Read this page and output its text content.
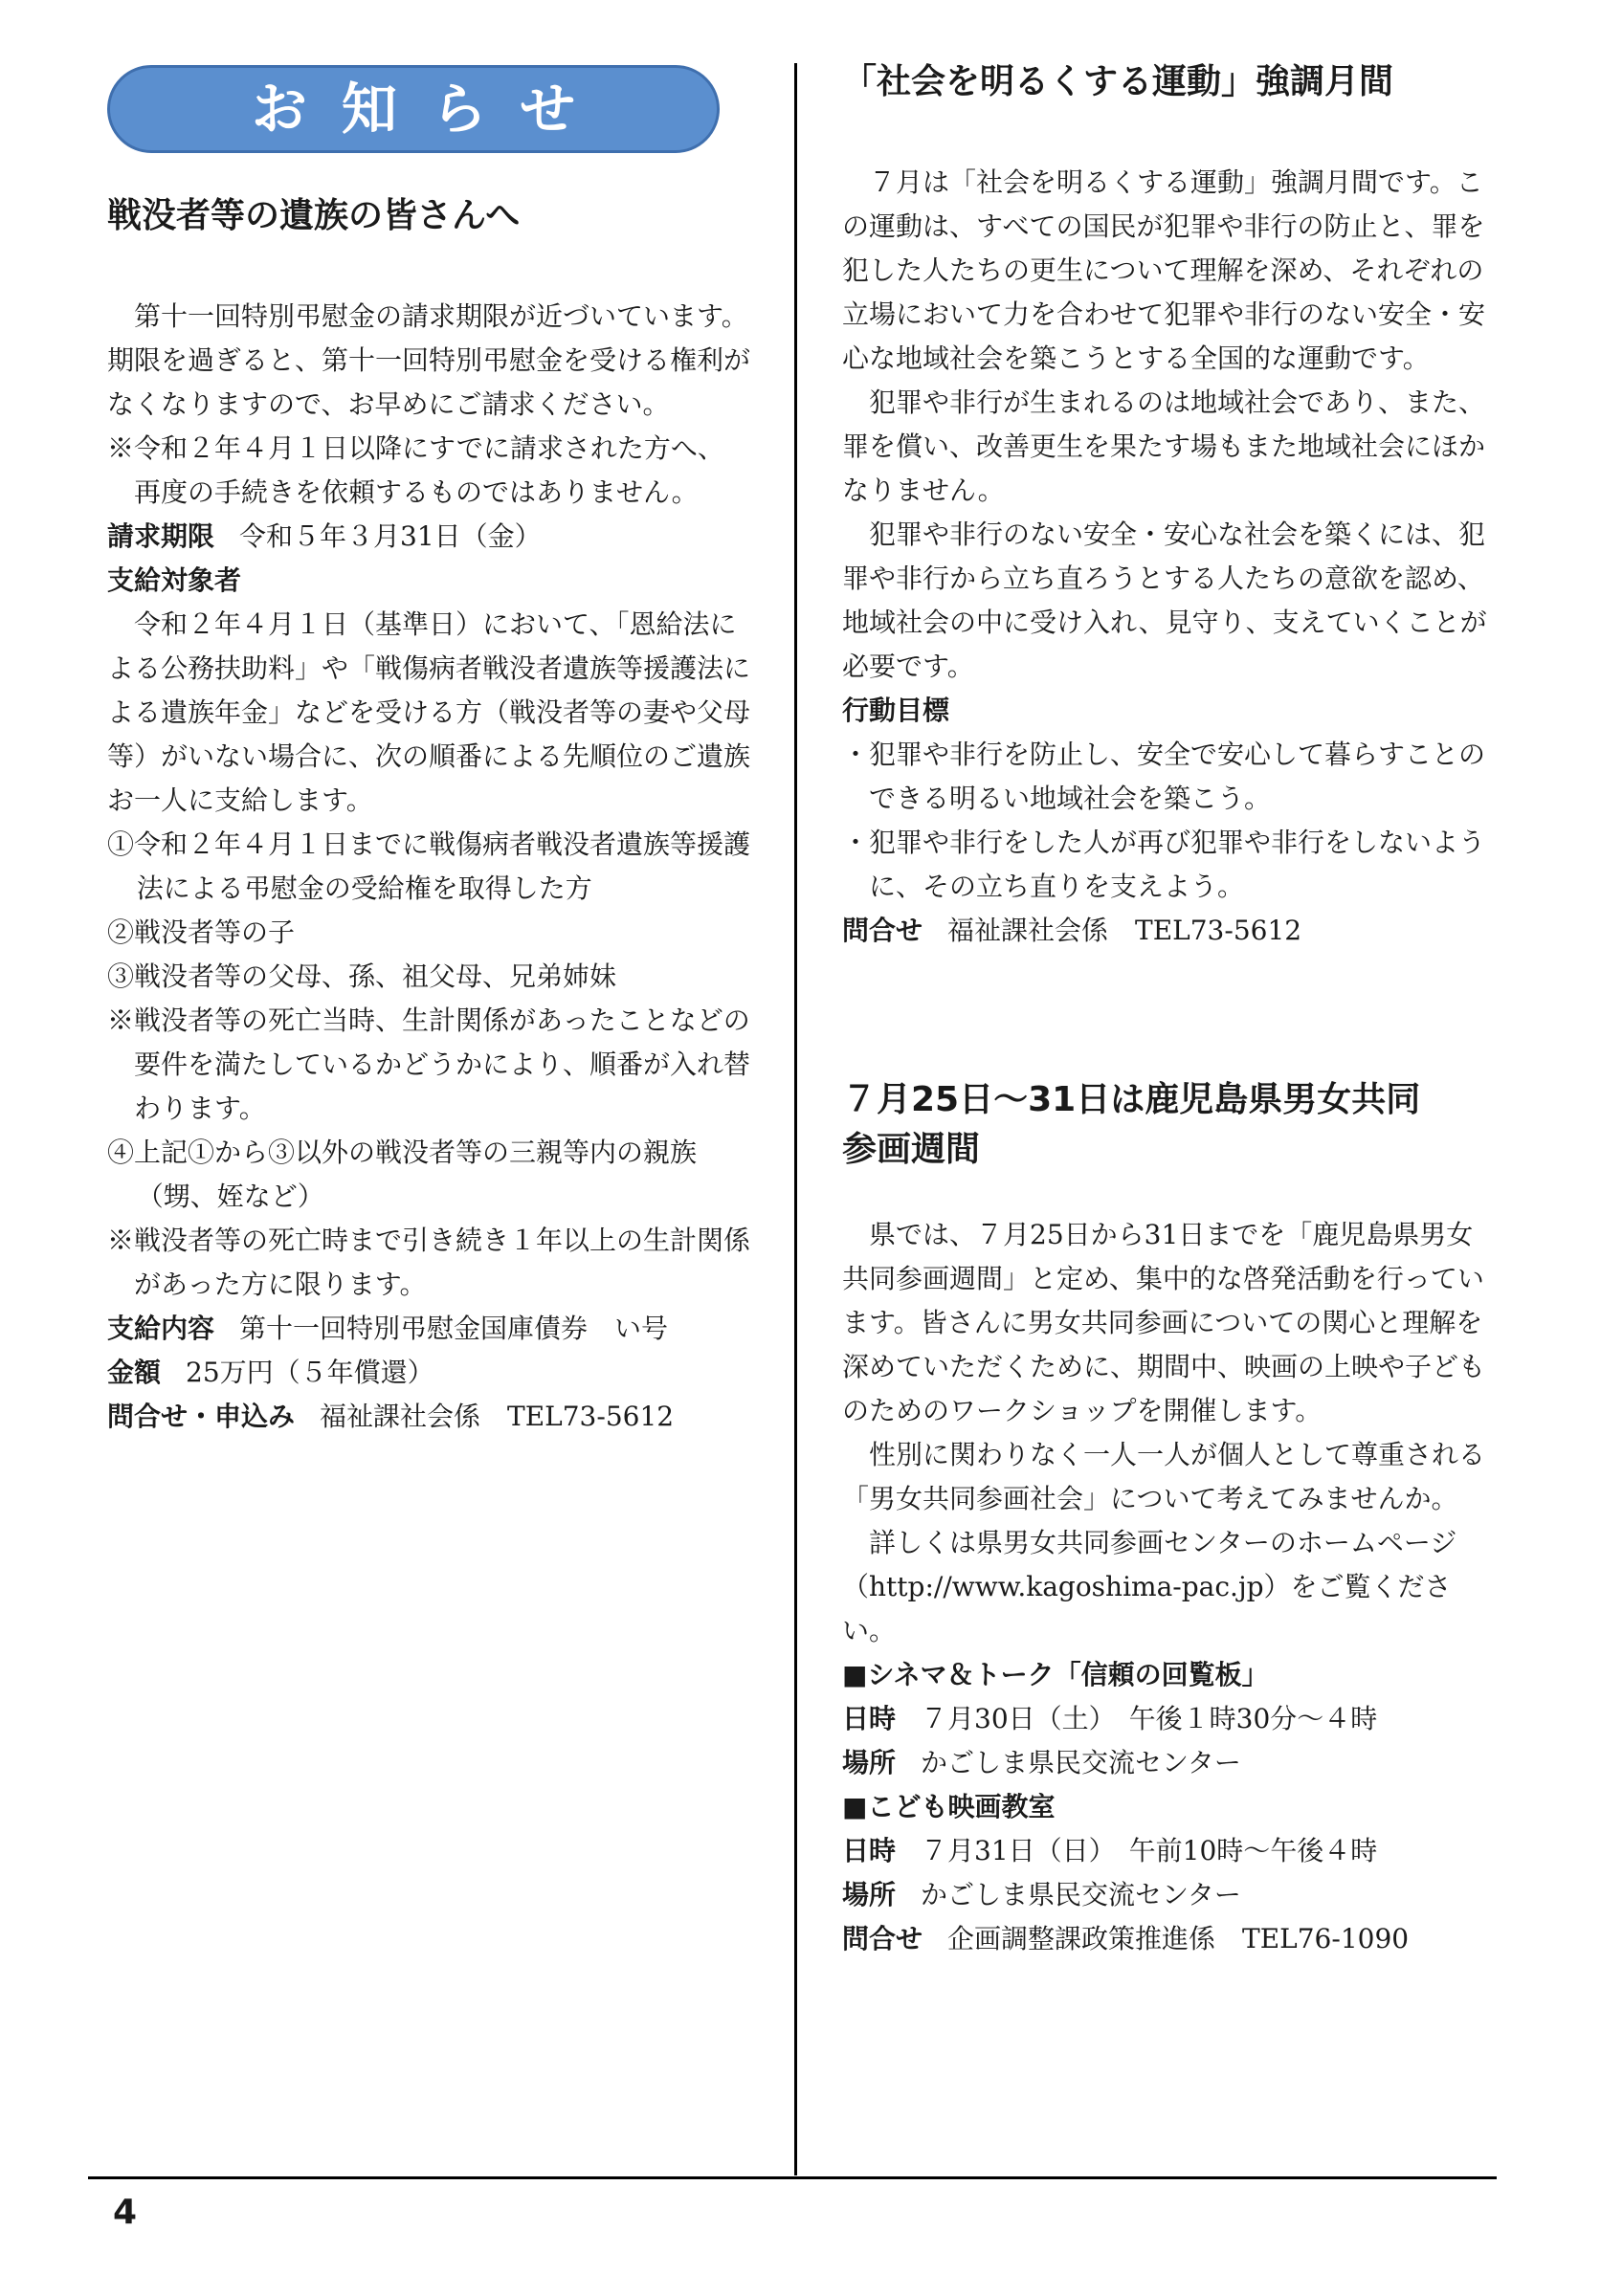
お知らせ
4
戦没者等の遺族の皆さんへ

第十一回特別弔慰金の請求期限が近づいています。期限を過ぎると、第十一回特別弔慰金を受ける権利がなくなりますので、お早めにご請求ください。

※令和２年４月１日以降にすでに請求された方へ、再度の手続きを依頼するものではありません。

請求期限 令和５年３月31日（金）

支給対象者

令和２年４月１日（基準日）において、「恩給法による公務扶助料」や「戦傷病者戦没者遺族等援護法による遺族年金」などを受ける方（戦没者等の妻や父母等）がいない場合に、次の順番による先順位のご遺族お一人に支給します。

①令和２年４月１日までに戦傷病者戦没者遺族等援護法による弔慰金の受給権を取得した方

②戦没者等の子

③戦没者等の父母、孫、祖父母、兄弟姉妹

※戦没者等の死亡当時、生計関係があったことなどの要件を満たしているかどうかにより、順番が入れ替わります。

④上記①から③以外の戦没者等の三親等内の親族（甥、姪など）

※戦没者等の死亡時まで引き続き１年以上の生計関係があった方に限ります。

支給内容 第十一回特別弔慰金国庫債券　い号

金額 25万円（５年償還）

問合せ・申込み 福祉課社会係　TEL73-5612

「社会を明るくする運動」強調月間

７月は「社会を明るくする運動」強調月間です。この運動は、すべての国民が犯罪や非行の防止と、罪を犯した人たちの更生について理解を深め、それぞれの立場において力を合わせて犯罪や非行のない安全・安心な地域社会を築こうとする全国的な運動です。

犯罪や非行が生まれるのは地域社会であり、また、罪を償い、改善更生を果たす場もまた地域社会にほかなりません。

犯罪や非行のない安全・安心な社会を築くには、犯罪や非行から立ち直ろうとする人たちの意欲を認め、地域社会の中に受け入れ、見守り、支えていくことが必要です。

行動目標

・犯罪や非行を防止し、安全で安心して暮らすことのできる明るい地域社会を築こう。

・犯罪や非行をした人が再び犯罪や非行をしないように、その立ち直りを支えよう。

問合せ 福祉課社会係　TEL73-5612

７月25日～31日は鹿児島県男女共同
参画週間

県では、７月25日から31日までを「鹿児島県男女共同参画週間」と定め、集中的な啓発活動を行っています。皆さんに男女共同参画についての関心と理解を深めていただくために、期間中、映画の上映や子どものためのワークショップを開催します。

性別に関わりなく一人一人が個人として尊重される「男女共同参画社会」について考えてみませんか。

詳しくは県男女共同参画センターのホームページ（http://www.kagoshima-pac.jp）をご覧ください。

■シネマ＆トーク「信頼の回覧板」

日時 ７月30日（土）　午後１時30分～４時

場所 かごしま県民交流センター

■こども映画教室

日時 ７月31日（日）　午前10時～午後４時

場所 かごしま県民交流センター

問合せ 企画調整課政策推進係　TEL76-1090
